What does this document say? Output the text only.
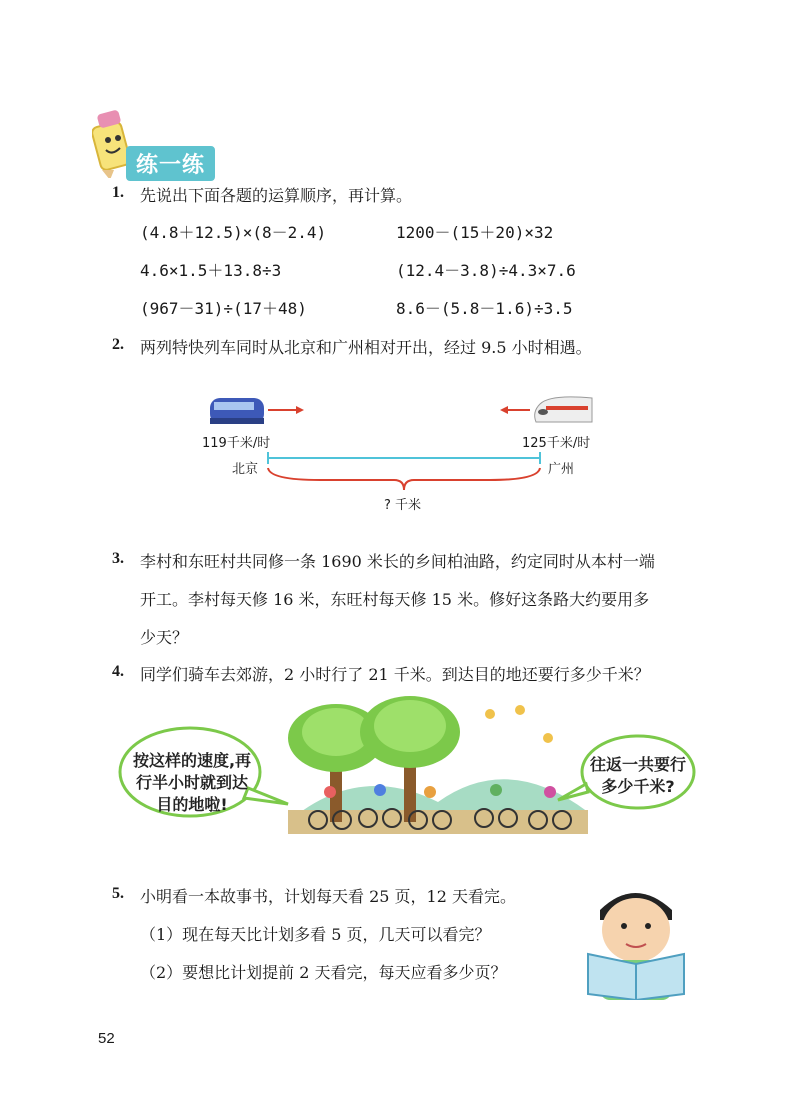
练一练
1. 先说出下面各题的运算顺序，再计算。
(4.8＋12.5)×(8－2.4)	1200－(15＋20)×32
4.6×1.5＋13.8÷3	(12.4－3.8)÷4.3×7.6
(967－31)÷(17＋48)	8.6－(5.8－1.6)÷3.5
2. 两列特快列车同时从北京和广州相对开出，经过 9.5 小时相遇。
119千米/时	125千米/时
北京	广州
? 千米
3. 李村和东旺村共同修一条 1690 米长的乡间柏油路，约定同时从本村一端
开工。李村每天修 16 米，东旺村每天修 15 米。修好这条路大约要用多
少天？
4. 同学们骑车去郊游，2 小时行了 21 千米。到达目的地还要行多少千米？
按这样的速度,再
行半小时就到达
目的地啦!
往返一共要行
多少千米?
5. 小明看一本故事书，计划每天看 25 页，12 天看完。
（1）现在每天比计划多看 5 页，几天可以看完？
（2）要想比计划提前 2 天看完，每天应看多少页？
52
